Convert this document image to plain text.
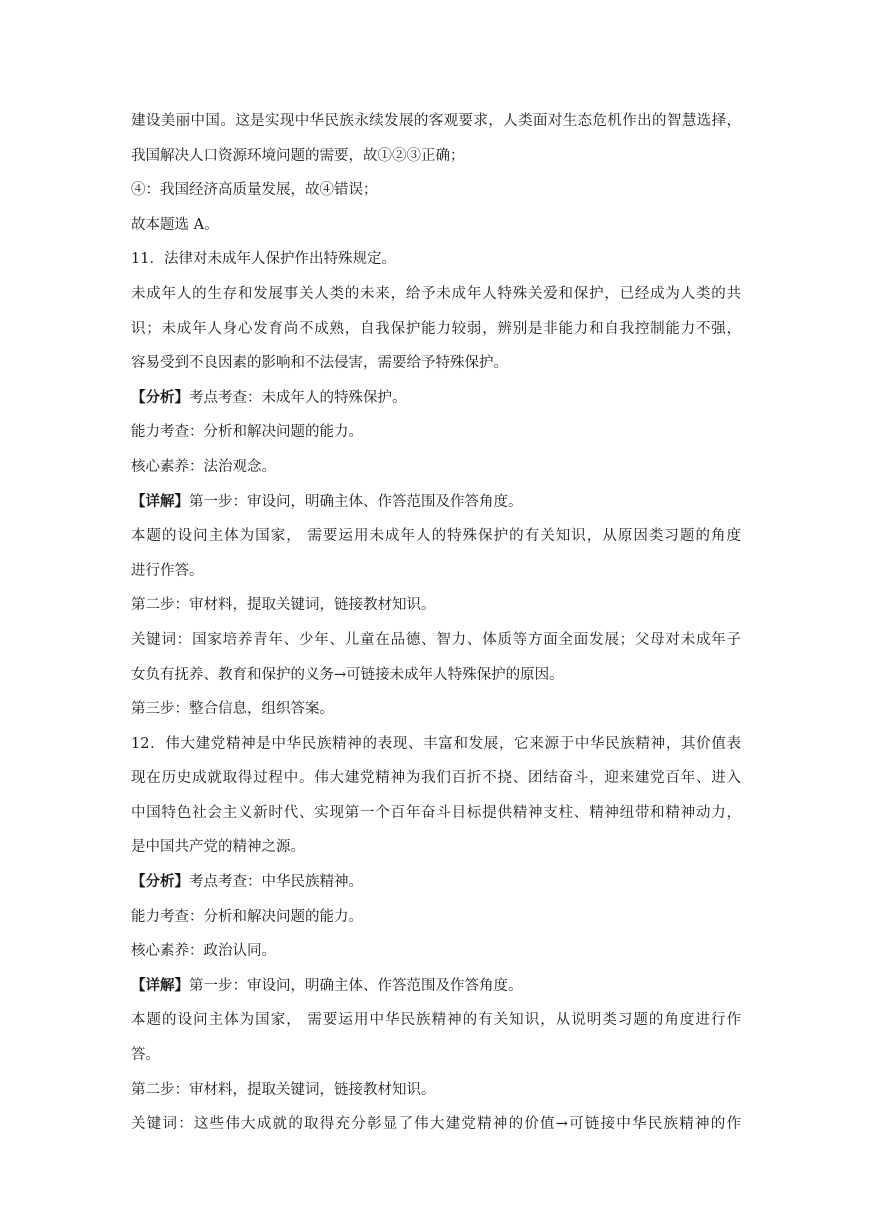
建设美丽中国。这是实现中华民族永续发展的客观要求，人类面对生态危机作出的智慧选择，
我国解决人口资源环境问题的需要，故①②③正确；
④：我国经济高质量发展，故④错误；
故本题选 A。
11．法律对未成年人保护作出特殊规定。
未成年人的生存和发展事关人类的未来，给予未成年人特殊关爱和保护，已经成为人类的共
识；未成年人身心发育尚不成熟，自我保护能力较弱，辨别是非能力和自我控制能力不强，
容易受到不良因素的影响和不法侵害，需要给予特殊保护。
【分析】考点考查：未成年人的特殊保护。
能力考查：分析和解决问题的能力。
核心素养：法治观念。
【详解】第一步：审设问，明确主体、作答范围及作答角度。
本题的设问主体为国家， 需要运用未成年人的特殊保护的有关知识，从原因类习题的角度
进行作答。
第二步：审材料，提取关键词，链接教材知识。
关键词：国家培养青年、少年、儿童在品德、智力、体质等方面全面发展；父母对未成年子
女负有抚养、教育和保护的义务→可链接未成年人特殊保护的原因。
第三步：整合信息，组织答案。
12．伟大建党精神是中华民族精神的表现、丰富和发展，它来源于中华民族精神，其价值表
现在历史成就取得过程中。伟大建党精神为我们百折不挠、团结奋斗，迎来建党百年、进入
中国特色社会主义新时代、实现第一个百年奋斗目标提供精神支柱、精神纽带和精神动力，
是中国共产党的精神之源。
【分析】考点考查：中华民族精神。
能力考查：分析和解决问题的能力。
核心素养：政治认同。
【详解】第一步：审设问，明确主体、作答范围及作答角度。
本题的设问主体为国家， 需要运用中华民族精神的有关知识，从说明类习题的角度进行作
答。
第二步：审材料，提取关键词，链接教材知识。
关键词：这些伟大成就的取得充分彰显了伟大建党精神的价值→可链接中华民族精神的作
